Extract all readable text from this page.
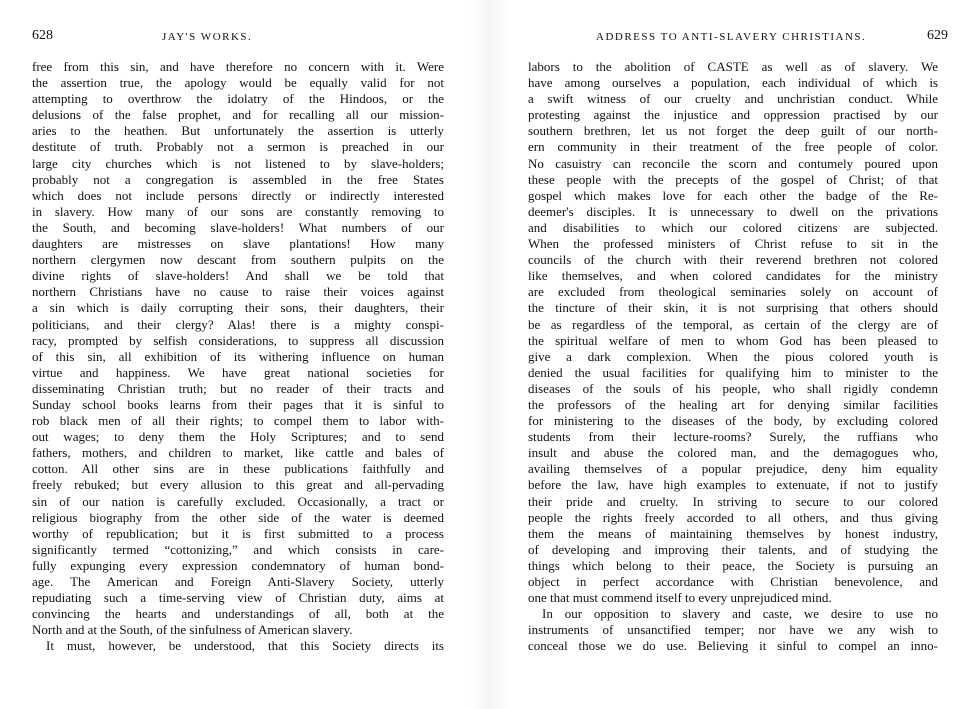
628	JAY'S WORKS.
free from this sin, and have therefore no concern with it. Were
the assertion true, the apology would be equally valid for not
attempting to overthrow the idolatry of the Hindoos, or the
delusions of the false prophet, and for recalling all our mission-
aries to the heathen. But unfortunately the assertion is utterly
destitute of truth. Probably not a sermon is preached in our
large city churches which is not listened to by slave-holders;
probably not a congregation is assembled in the free States
which does not include persons directly or indirectly interested
in slavery. How many of our sons are constantly removing to
the South, and becoming slave-holders! What numbers of our
daughters are mistresses on slave plantations! How many
northern clergymen now descant from southern pulpits on the
divine rights of slave-holders! And shall we be told that
northern Christians have no cause to raise their voices against
a sin which is daily corrupting their sons, their daughters, their
politicians, and their clergy? Alas! there is a mighty conspi-
racy, prompted by selfish considerations, to suppress all discussion
of this sin, all exhibition of its withering influence on human
virtue and happiness. We have great national societies for
disseminating Christian truth; but no reader of their tracts and
Sunday school books learns from their pages that it is sinful to
rob black men of all their rights; to compel them to labor with-
out wages; to deny them the Holy Scriptures; and to send
fathers, mothers, and children to market, like cattle and bales of
cotton. All other sins are in these publications faithfully and
freely rebuked; but every allusion to this great and all-pervading
sin of our nation is carefully excluded. Occasionally, a tract or
religious biography from the other side of the water is deemed
worthy of republication; but it is first submitted to a process
significantly termed “cottonizing,” and which consists in care-
fully expunging every expression condemnatory of human bond-
age. The American and Foreign Anti-Slavery Society, utterly
repudiating such a time-serving view of Christian duty, aims at
convincing the hearts and understandings of all, both at the
North and at the South, of the sinfulness of American slavery.
It must, however, be understood, that this Society directs its
ADDRESS TO ANTI-SLAVERY CHRISTIANS.	629
labors to the abolition of CASTE as well as of slavery. We
have among ourselves a population, each individual of which is
a swift witness of our cruelty and unchristian conduct. While
protesting against the injustice and oppression practised by our
southern brethren, let us not forget the deep guilt of our north-
ern community in their treatment of the free people of color.
No casuistry can reconcile the scorn and contumely poured upon
these people with the precepts of the gospel of Christ; of that
gospel which makes love for each other the badge of the Re-
deemer's disciples. It is unnecessary to dwell on the privations
and disabilities to which our colored citizens are subjected.
When the professed ministers of Christ refuse to sit in the
councils of the church with their reverend brethren not colored
like themselves, and when colored candidates for the ministry
are excluded from theological seminaries solely on account of
the tincture of their skin, it is not surprising that others should
be as regardless of the temporal, as certain of the clergy are of
the spiritual welfare of men to whom God has been pleased to
give a dark complexion. When the pious colored youth is
denied the usual facilities for qualifying him to minister to the
diseases of the souls of his people, who shall rigidly condemn
the professors of the healing art for denying similar facilities
for ministering to the diseases of the body, by excluding colored
students from their lecture-rooms? Surely, the ruffians who
insult and abuse the colored man, and the demagogues who,
availing themselves of a popular prejudice, deny him equality
before the law, have high examples to extenuate, if not to justify
their pride and cruelty. In striving to secure to our colored
people the rights freely accorded to all others, and thus giving
them the means of maintaining themselves by honest industry,
of developing and improving their talents, and of studying the
things which belong to their peace, the Society is pursuing an
object in perfect accordance with Christian benevolence, and
one that must commend itself to every unprejudiced mind.
In our opposition to slavery and caste, we desire to use no
instruments of unsanctified temper; nor have we any wish to
conceal those we do use. Believing it sinful to compel an inno-
